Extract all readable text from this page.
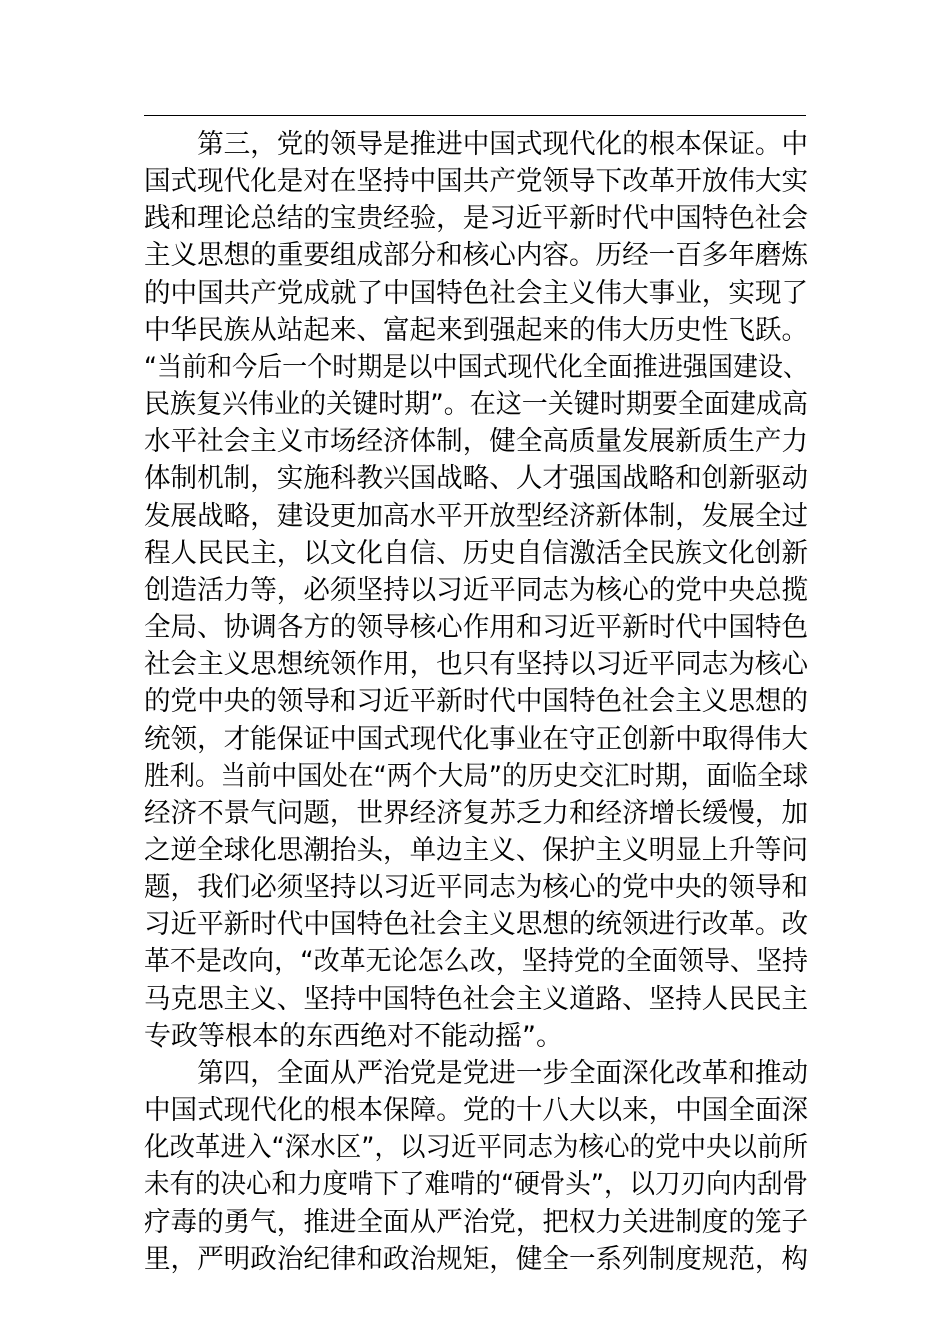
第三，党的领导是推进中国式现代化的根本保证。中
国式现代化是对在坚持中国共产党领导下改革开放伟大实
践和理论总结的宝贵经验，是习近平新时代中国特色社会
主义思想的重要组成部分和核心内容。历经一百多年磨炼
的中国共产党成就了中国特色社会主义伟大事业，实现了
中华民族从站起来、富起来到强起来的伟大历史性飞跃。
“当前和今后一个时期是以中国式现代化全面推进强国建设、
民族复兴伟业的关键时期”。在这一关键时期要全面建成高
水平社会主义市场经济体制，健全高质量发展新质生产力
体制机制，实施科教兴国战略、人才强国战略和创新驱动
发展战略，建设更加高水平开放型经济新体制，发展全过
程人民民主，以文化自信、历史自信激活全民族文化创新
创造活力等，必须坚持以习近平同志为核心的党中央总揽
全局、协调各方的领导核心作用和习近平新时代中国特色
社会主义思想统领作用，也只有坚持以习近平同志为核心
的党中央的领导和习近平新时代中国特色社会主义思想的
统领，才能保证中国式现代化事业在守正创新中取得伟大
胜利。当前中国处在“两个大局”的历史交汇时期，面临全球
经济不景气问题，世界经济复苏乏力和经济增长缓慢，加
之逆全球化思潮抬头，单边主义、保护主义明显上升等问
题，我们必须坚持以习近平同志为核心的党中央的领导和
习近平新时代中国特色社会主义思想的统领进行改革。改
革不是改向，“改革无论怎么改，坚持党的全面领导、坚持
马克思主义、坚持中国特色社会主义道路、坚持人民民主
专政等根本的东西绝对不能动摇”。
第四，全面从严治党是党进一步全面深化改革和推动
中国式现代化的根本保障。党的十八大以来，中国全面深
化改革进入“深水区”，以习近平同志为核心的党中央以前所
未有的决心和力度啃下了难啃的“硬骨头”，以刀刃向内刮骨
疗毒的勇气，推进全面从严治党，把权力关进制度的笼子
里，严明政治纪律和政治规矩，健全一系列制度规范，构
